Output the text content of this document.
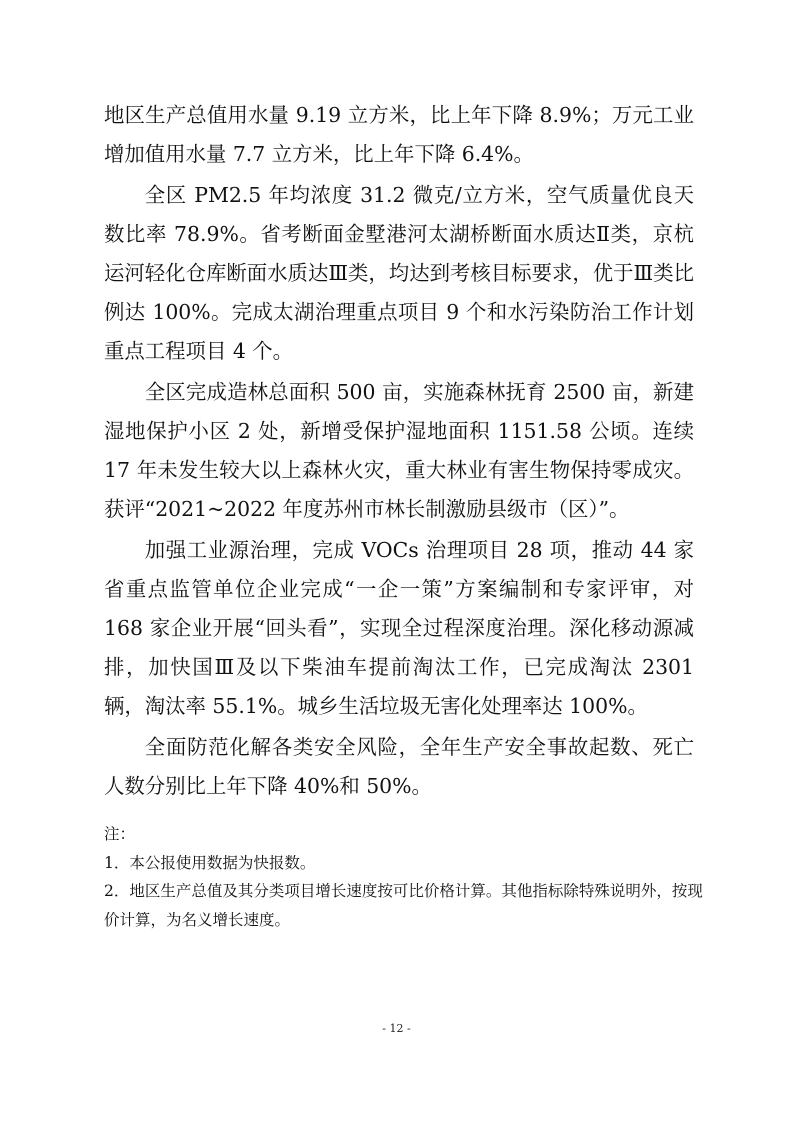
地区生产总值用水量 9.19 立方米，比上年下降 8.9%；万元工业增加值用水量 7.7 立方米，比上年下降 6.4%。

全区 PM2.5 年均浓度 31.2 微克/立方米，空气质量优良天数比率 78.9%。省考断面金墅港河太湖桥断面水质达Ⅱ类，京杭运河轻化仓库断面水质达Ⅲ类，均达到考核目标要求，优于Ⅲ类比例达 100%。完成太湖治理重点项目 9 个和水污染防治工作计划重点工程项目 4 个。

全区完成造林总面积 500 亩，实施森林抚育 2500 亩，新建湿地保护小区 2 处，新增受保护湿地面积 1151.58 公顷。连续 17 年未发生较大以上森林火灾，重大林业有害生物保持零成灾。获评“2021~2022 年度苏州市林长制激励县级市（区）”。

加强工业源治理，完成 VOCs 治理项目 28 项，推动 44 家省重点监管单位企业完成“一企一策”方案编制和专家评审，对 168 家企业开展“回头看”，实现全过程深度治理。深化移动源减排，加快国Ⅲ及以下柴油车提前淘汰工作，已完成淘汰 2301 辆，淘汰率 55.1%。城乡生活垃圾无害化处理率达 100%。

全面防范化解各类安全风险，全年生产安全事故起数、死亡人数分别比上年下降 40%和 50%。

注：

1．本公报使用数据为快报数。

2．地区生产总值及其分类项目增长速度按可比价格计算。其他指标除特殊说明外，按现价计算，为名义增长速度。

- 12 -
